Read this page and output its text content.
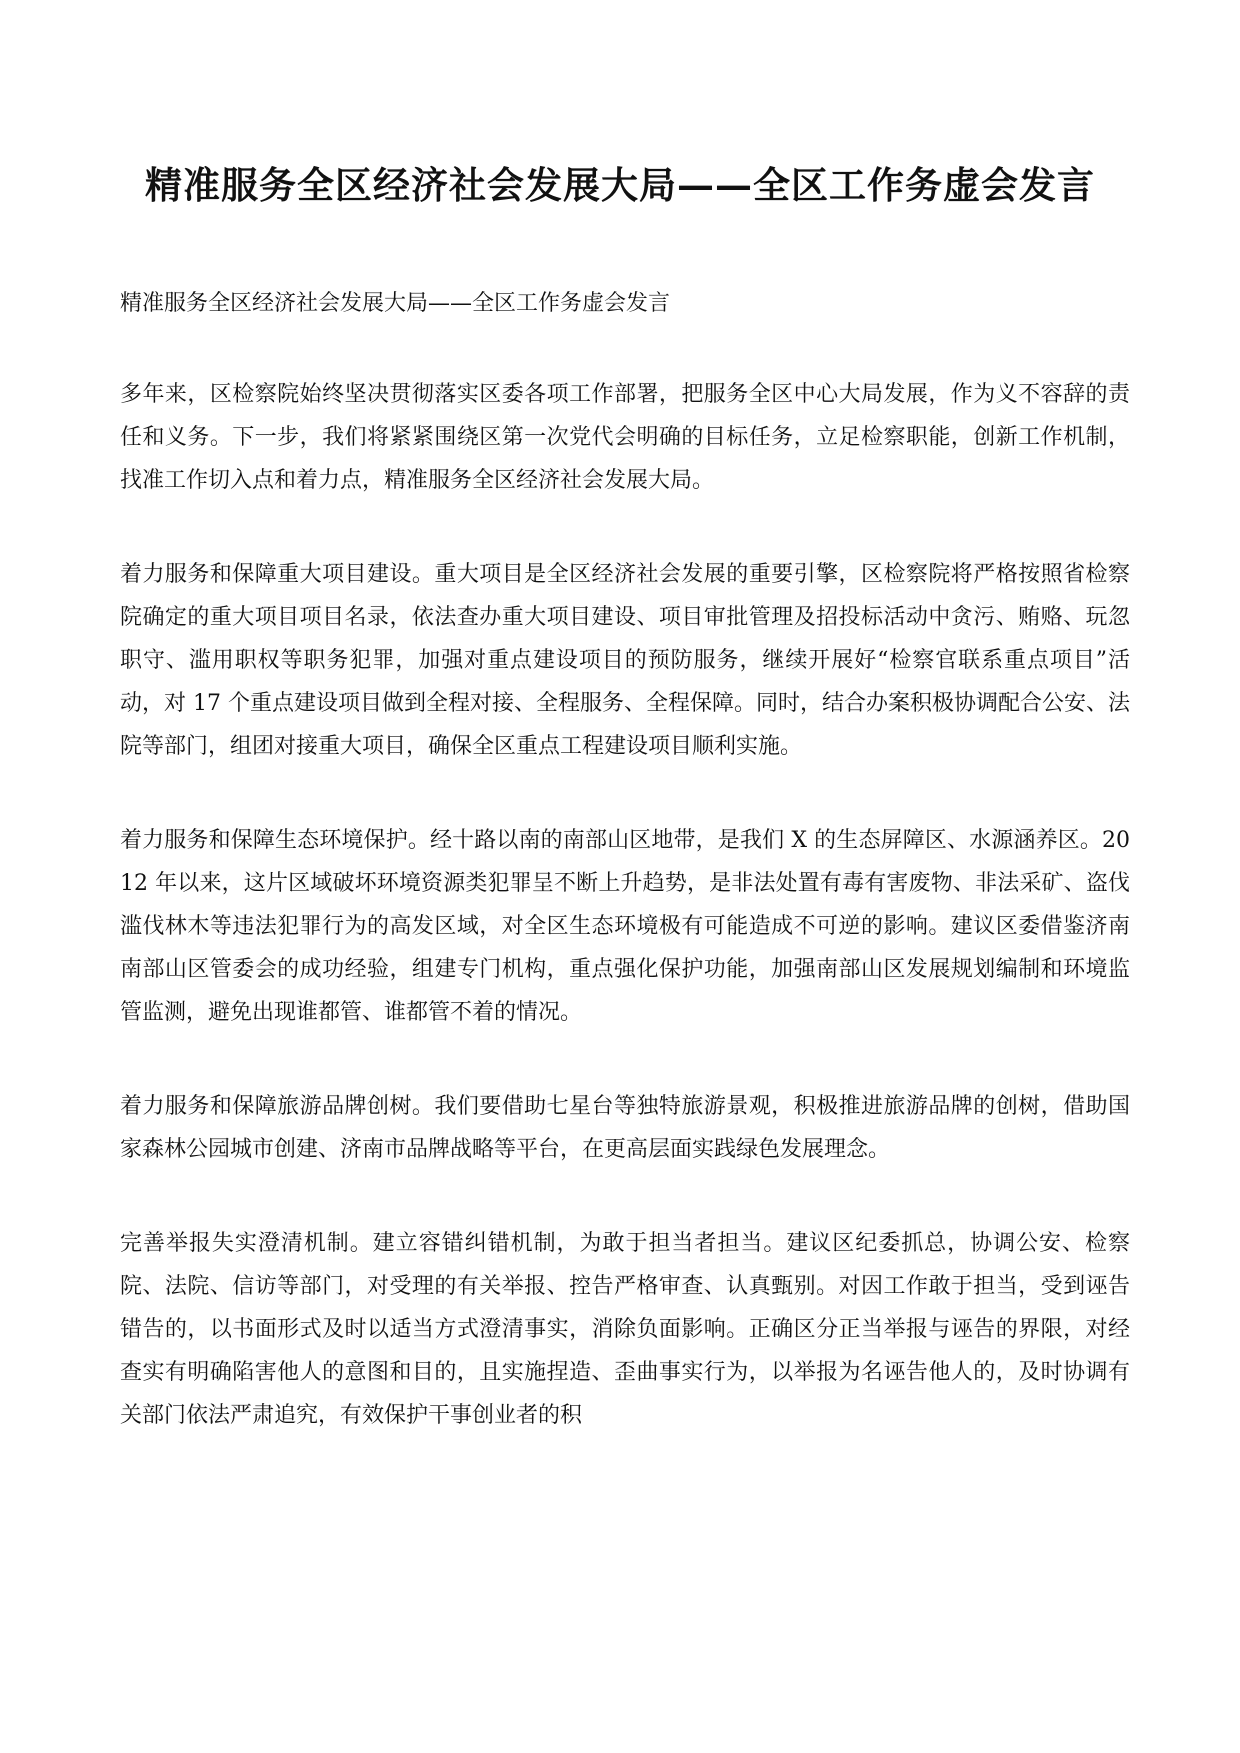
精准服务全区经济社会发展大局——全区工作务虚会发言

精准服务全区经济社会发展大局——全区工作务虚会发言

多年来，区检察院始终坚决贯彻落实区委各项工作部署，把服务全区中心大局发展，作为义不容辞的责任和义务。下一步，我们将紧紧围绕区第一次党代会明确的目标任务，立足检察职能，创新工作机制，找准工作切入点和着力点，精准服务全区经济社会发展大局。

着力服务和保障重大项目建设。重大项目是全区经济社会发展的重要引擎，区检察院将严格按照省检察院确定的重大项目项目名录，依法查办重大项目建设、项目审批管理及招投标活动中贪污、贿赂、玩忽职守、滥用职权等职务犯罪，加强对重点建设项目的预防服务，继续开展好“检察官联系重点项目”活动，对 17 个重点建设项目做到全程对接、全程服务、全程保障。同时，结合办案积极协调配合公安、法院等部门，组团对接重大项目，确保全区重点工程建设项目顺利实施。

着力服务和保障生态环境保护。经十路以南的南部山区地带，是我们 X 的生态屏障区、水源涵养区。2012 年以来，这片区域破坏环境资源类犯罪呈不断上升趋势，是非法处置有毒有害废物、非法采矿、盗伐滥伐林木等违法犯罪行为的高发区域，对全区生态环境极有可能造成不可逆的影响。建议区委借鉴济南南部山区管委会的成功经验，组建专门机构，重点强化保护功能，加强南部山区发展规划编制和环境监管监测，避免出现谁都管、谁都管不着的情况。

着力服务和保障旅游品牌创树。我们要借助七星台等独特旅游景观，积极推进旅游品牌的创树，借助国家森林公园城市创建、济南市品牌战略等平台，在更高层面实践绿色发展理念。

完善举报失实澄清机制。建立容错纠错机制，为敢于担当者担当。建议区纪委抓总，协调公安、检察院、法院、信访等部门，对受理的有关举报、控告严格审查、认真甄别。对因工作敢于担当，受到诬告错告的，以书面形式及时以适当方式澄清事实，消除负面影响。正确区分正当举报与诬告的界限，对经查实有明确陷害他人的意图和目的，且实施捏造、歪曲事实行为，以举报为名诬告他人的，及时协调有关部门依法严肃追究，有效保护干事创业者的积
